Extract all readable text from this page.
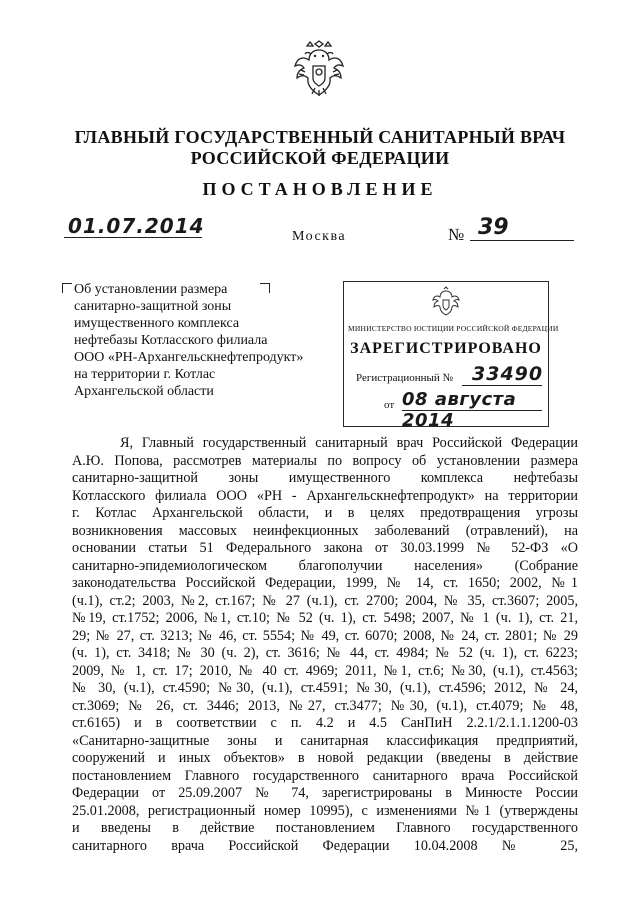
ГЛАВНЫЙ ГОСУДАРСТВЕННЫЙ САНИТАРНЫЙ ВРАЧ
РОССИЙСКОЙ ФЕДЕРАЦИИ
ПОСТАНОВЛЕНИЕ
01.07.2014	Москва	№ 39
Об установлении размера
санитарно-защитной зоны
имущественного комплекса
нефтебазы Котласского филиала
ООО «РН-Архангельскнефтепродукт»
на территории г. Котлас
Архангельской области
МИНИСТЕРСТВО ЮСТИЦИИ РОССИЙСКОЙ ФЕДЕРАЦИИ
ЗАРЕГИСТРИРОВАНО
Регистрационный № 33490
от 08 августа 2014
Я, Главный государственный санитарный врач Российской Федерации
А.Ю. Попова, рассмотрев материалы по вопросу об установлении размера
санитарно-защитной зоны имущественного комплекса нефтебазы
Котласского филиала ООО «РН - Архангельскнефтепродукт» на территории
г. Котлас Архангельской области, и в целях предотвращения угрозы
возникновения массовых неинфекционных заболеваний (отравлений), на
основании статьи 51 Федерального закона от 30.03.1999 № 52-ФЗ «О
санитарно-эпидемиологическом благополучии населения» (Собрание
законодательства Российской Федерации, 1999, № 14, ст. 1650; 2002, №1
(ч.1), ст.2; 2003, №2, ст.167; № 27 (ч.1), ст. 2700; 2004, № 35, ст.3607; 2005,
№19, ст.1752; 2006, №1, ст.10; № 52 (ч. 1), ст. 5498; 2007, № 1 (ч. 1), ст. 21,
29; № 27, ст. 3213; № 46, ст. 5554; № 49, ст. 6070; 2008, № 24, ст. 2801; № 29
(ч. 1), ст. 3418; № 30 (ч. 2), ст. 3616; № 44, ст. 4984; № 52 (ч. 1), ст. 6223;
2009, № 1, ст. 17; 2010, № 40 ст. 4969; 2011, №1, ст.6; №30, (ч.1), ст.4563;
№ 30, (ч.1), ст.4590; №30, (ч.1), ст.4591; №30, (ч.1), ст.4596; 2012, № 24,
ст.3069; № 26, ст. 3446; 2013, №27, ст.3477; №30, (ч.1), ст.4079; № 48,
ст.6165) и в соответствии с п. 4.2 и 4.5 СанПиН 2.2.1/2.1.1.1200-03
«Санитарно-защитные зоны и санитарная классификация предприятий,
сооружений и иных объектов» в новой редакции (введены в действие
постановлением Главного государственного санитарного врача Российской
Федерации от 25.09.2007 № 74, зарегистрированы в Минюсте России
25.01.2008, регистрационный номер 10995), с изменениями №1 (утверждены
и введены в действие постановлением Главного государственного
санитарного врача Российской Федерации 10.04.2008 № 25,
